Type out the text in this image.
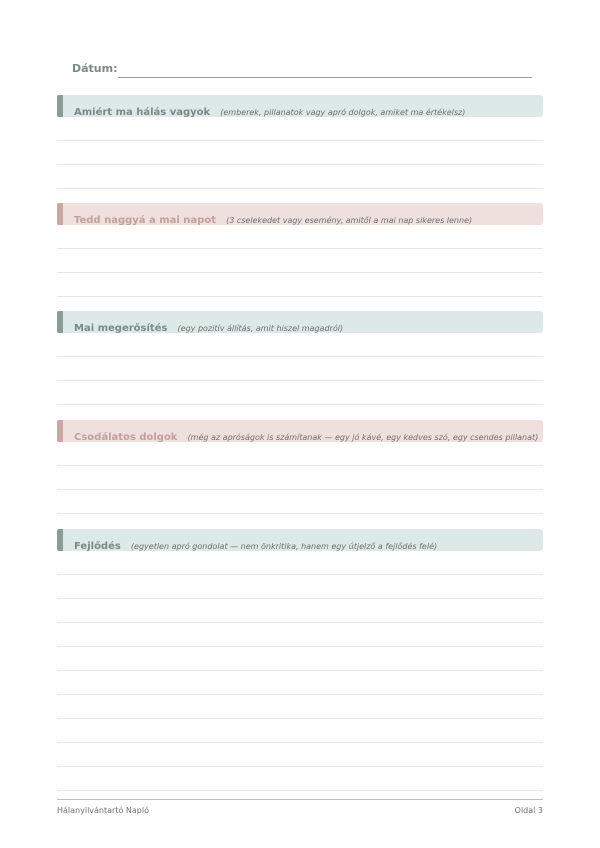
Dátum:
Amiért ma hálás vagyok (emberek, pillanatok vagy apró dolgok, amiket ma értékelsz)
Tedd naggyá a mai napot (3 cselekedet vagy esemény, amitől a mai nap sikeres lenne)
Mai megerősítés (egy pozitív állítás, amit hiszel magadról)
Csodálatos dolgok (még az apróságok is számítanak — egy jó kávé, egy kedves szó, egy csendes pillanat)
Fejlődés (egyetlen apró gondolat — nem önkritika, hanem egy útjelző a fejlődés felé)
Hálanyilvántartó Napló	Oldal 3
